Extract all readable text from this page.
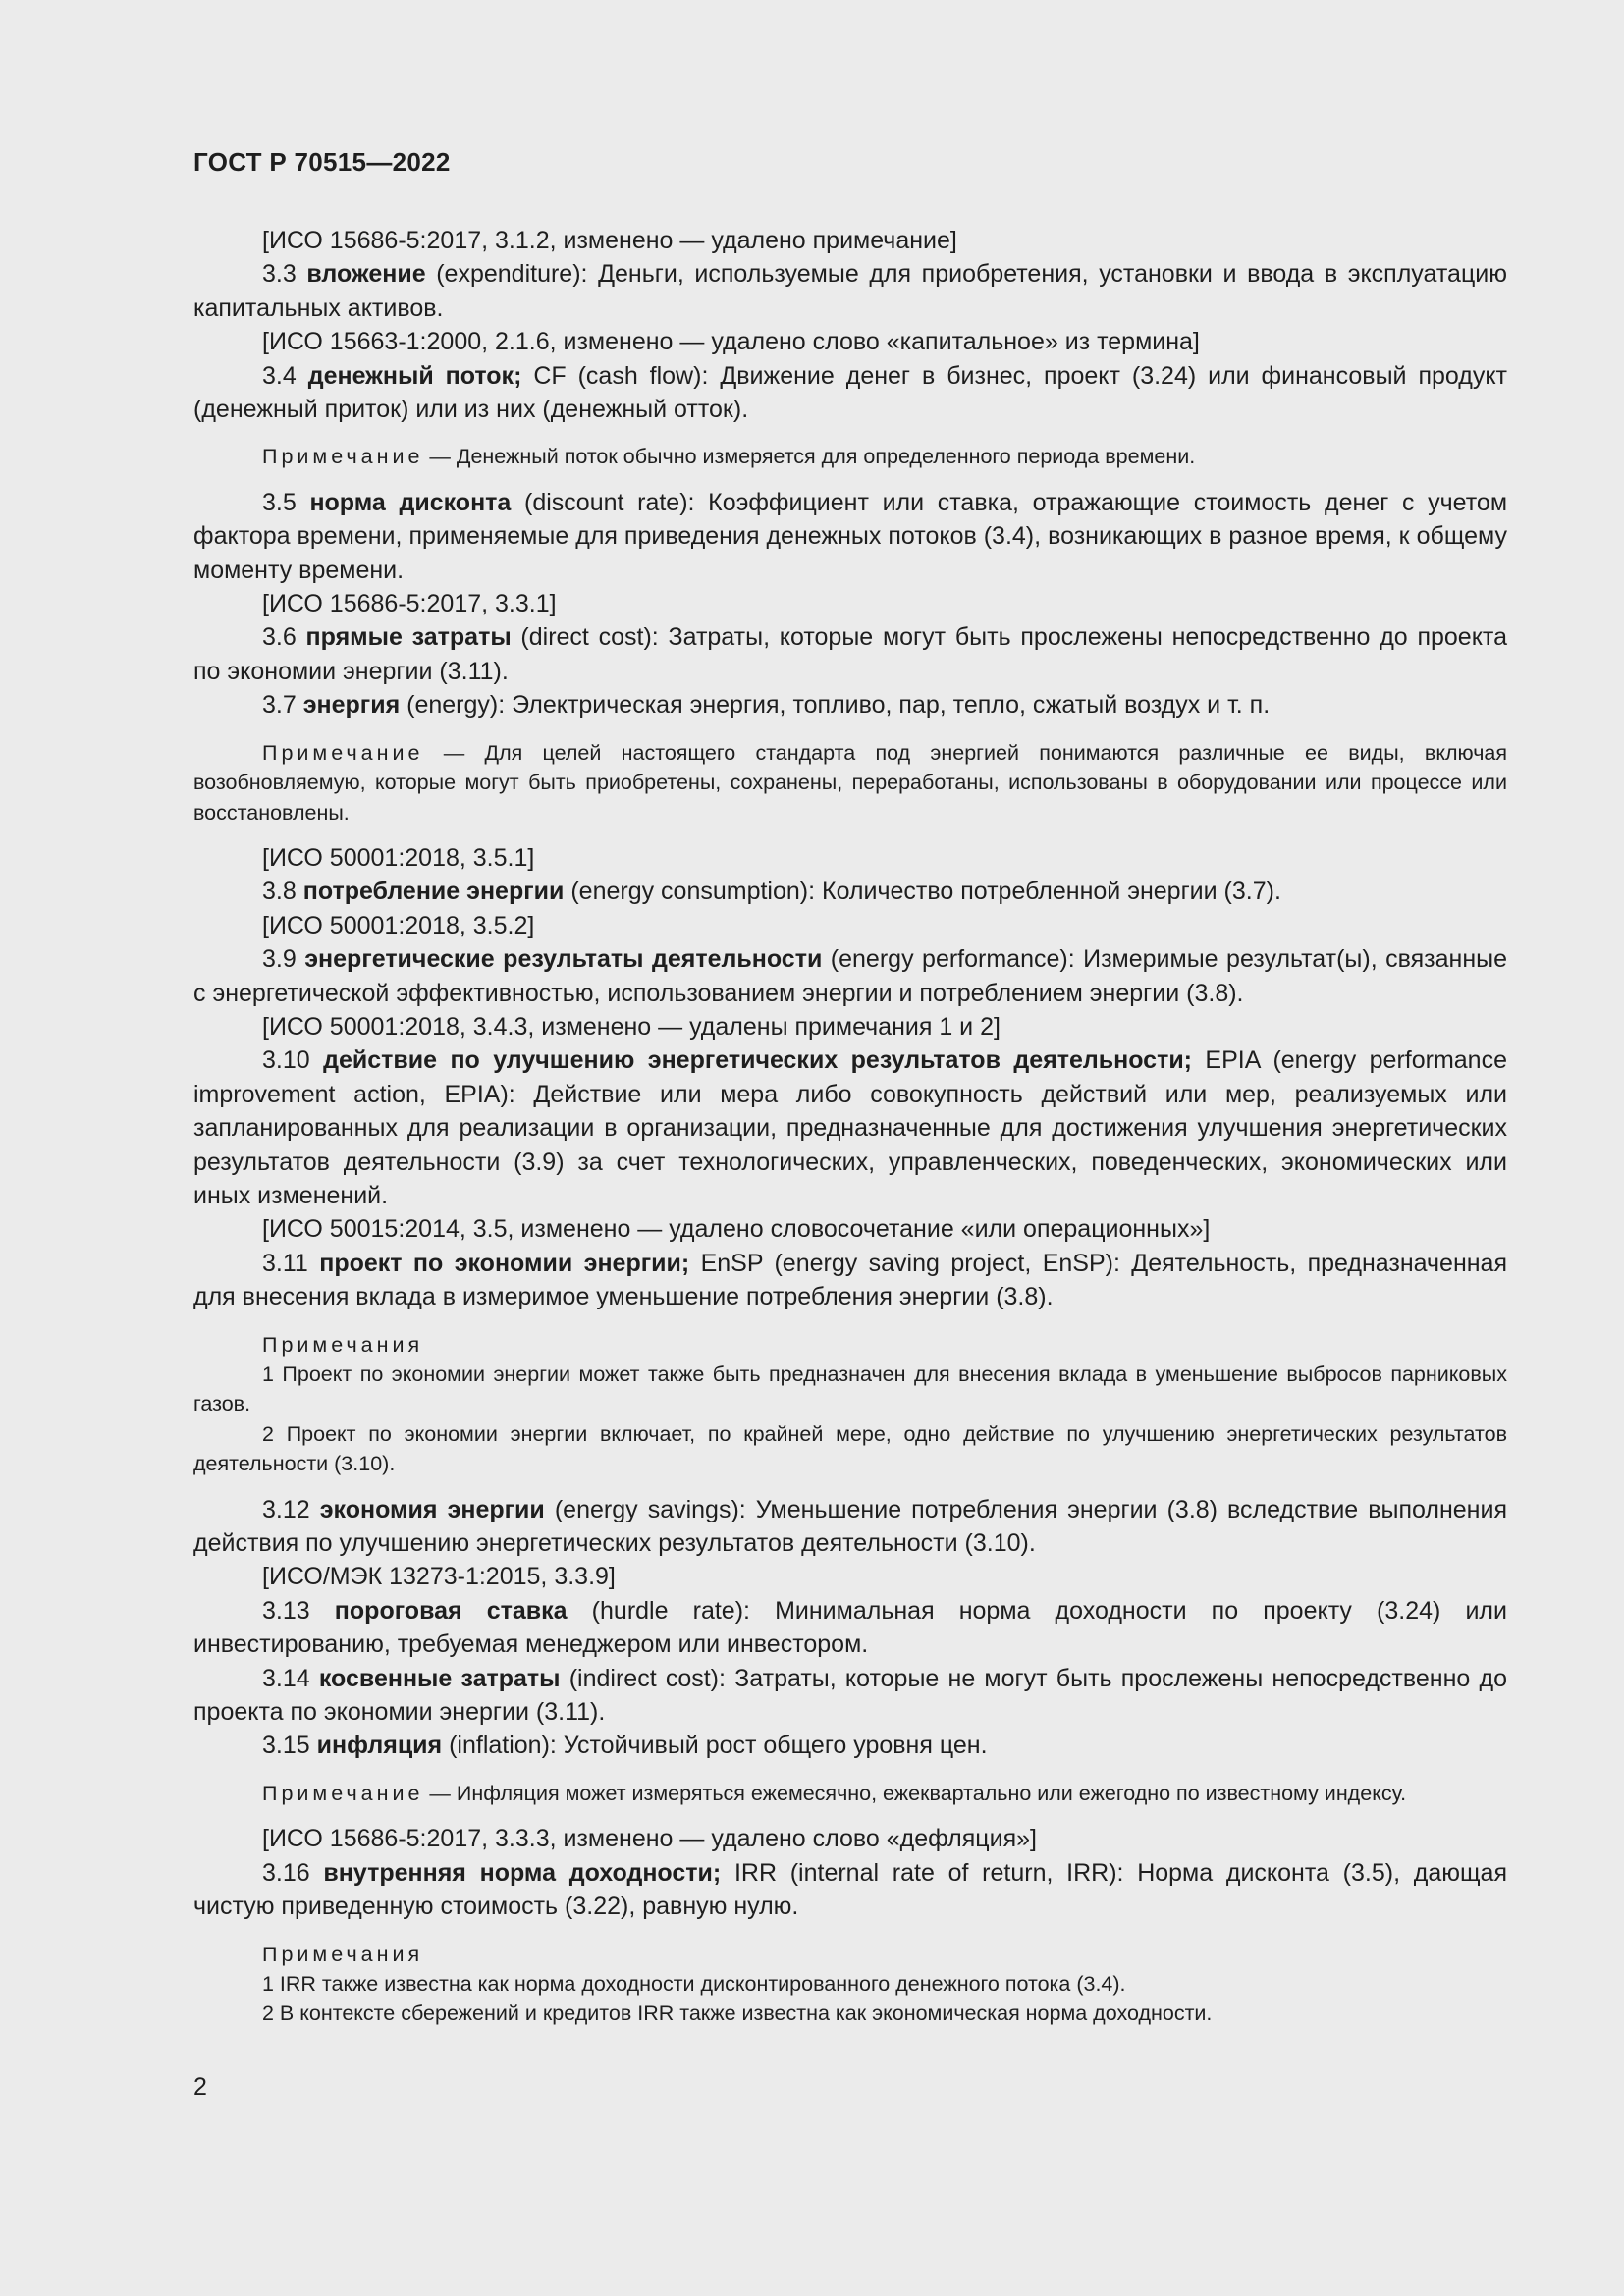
ГОСТ Р 70515—2022

[ИСО 15686-5:2017, 3.1.2, изменено — удалено примечание]

3.3 вложение (expenditure): Деньги, используемые для приобретения, установки и ввода в эксплуатацию капитальных активов.

[ИСО 15663-1:2000, 2.1.6, изменено — удалено слово «капитальное» из термина]

3.4 денежный поток; CF (cash flow): Движение денег в бизнес, проект (3.24) или финансовый продукт (денежный приток) или из них (денежный отток).

Примечание — Денежный поток обычно измеряется для определенного периода времени.

3.5 норма дисконта (discount rate): Коэффициент или ставка, отражающие стоимость денег с учетом фактора времени, применяемые для приведения денежных потоков (3.4), возникающих в разное время, к общему моменту времени.

[ИСО 15686-5:2017, 3.3.1]

3.6 прямые затраты (direct cost): Затраты, которые могут быть прослежены непосредственно до проекта по экономии энергии (3.11).

3.7 энергия (energy): Электрическая энергия, топливо, пар, тепло, сжатый воздух и т. п.

Примечание — Для целей настоящего стандарта под энергией понимаются различные ее виды, включая возобновляемую, которые могут быть приобретены, сохранены, переработаны, использованы в оборудовании или процессе или восстановлены.

[ИСО 50001:2018, 3.5.1]

3.8 потребление энергии (energy consumption): Количество потребленной энергии (3.7).

[ИСО 50001:2018, 3.5.2]

3.9 энергетические результаты деятельности (energy performance): Измеримые результат(ы), связанные с энергетической эффективностью, использованием энергии и потреблением энергии (3.8).

[ИСО 50001:2018, 3.4.3, изменено — удалены примечания 1 и 2]

3.10 действие по улучшению энергетических результатов деятельности; EPIA (energy performance improvement action, EPIA): Действие или мера либо совокупность действий или мер, реализуемых или запланированных для реализации в организации, предназначенные для достижения улучшения энергетических результатов деятельности (3.9) за счет технологических, управленческих, поведенческих, экономических или иных изменений.

[ИСО 50015:2014, 3.5, изменено — удалено словосочетание «или операционных»]

3.11 проект по экономии энергии; EnSP (energy saving project, EnSP): Деятельность, предназначенная для внесения вклада в измеримое уменьшение потребления энергии (3.8).

Примечания

1 Проект по экономии энергии может также быть предназначен для внесения вклада в уменьшение выбросов парниковых газов.

2 Проект по экономии энергии включает, по крайней мере, одно действие по улучшению энергетических результатов деятельности (3.10).

3.12 экономия энергии (energy savings): Уменьшение потребления энергии (3.8) вследствие выполнения действия по улучшению энергетических результатов деятельности (3.10).

[ИСО/МЭК 13273-1:2015, 3.3.9]

3.13 пороговая ставка (hurdle rate): Минимальная норма доходности по проекту (3.24) или инвестированию, требуемая менеджером или инвестором.

3.14 косвенные затраты (indirect cost): Затраты, которые не могут быть прослежены непосредственно до проекта по экономии энергии (3.11).

3.15 инфляция (inflation): Устойчивый рост общего уровня цен.

Примечание — Инфляция может измеряться ежемесячно, ежеквартально или ежегодно по известному индексу.

[ИСО 15686-5:2017, 3.3.3, изменено — удалено слово «дефляция»]

3.16 внутренняя норма доходности; IRR (internal rate of return, IRR): Норма дисконта (3.5), дающая чистую приведенную стоимость (3.22), равную нулю.

Примечания

1 IRR также известна как норма доходности дисконтированного денежного потока (3.4).

2 В контексте сбережений и кредитов IRR также известна как экономическая норма доходности.

2
